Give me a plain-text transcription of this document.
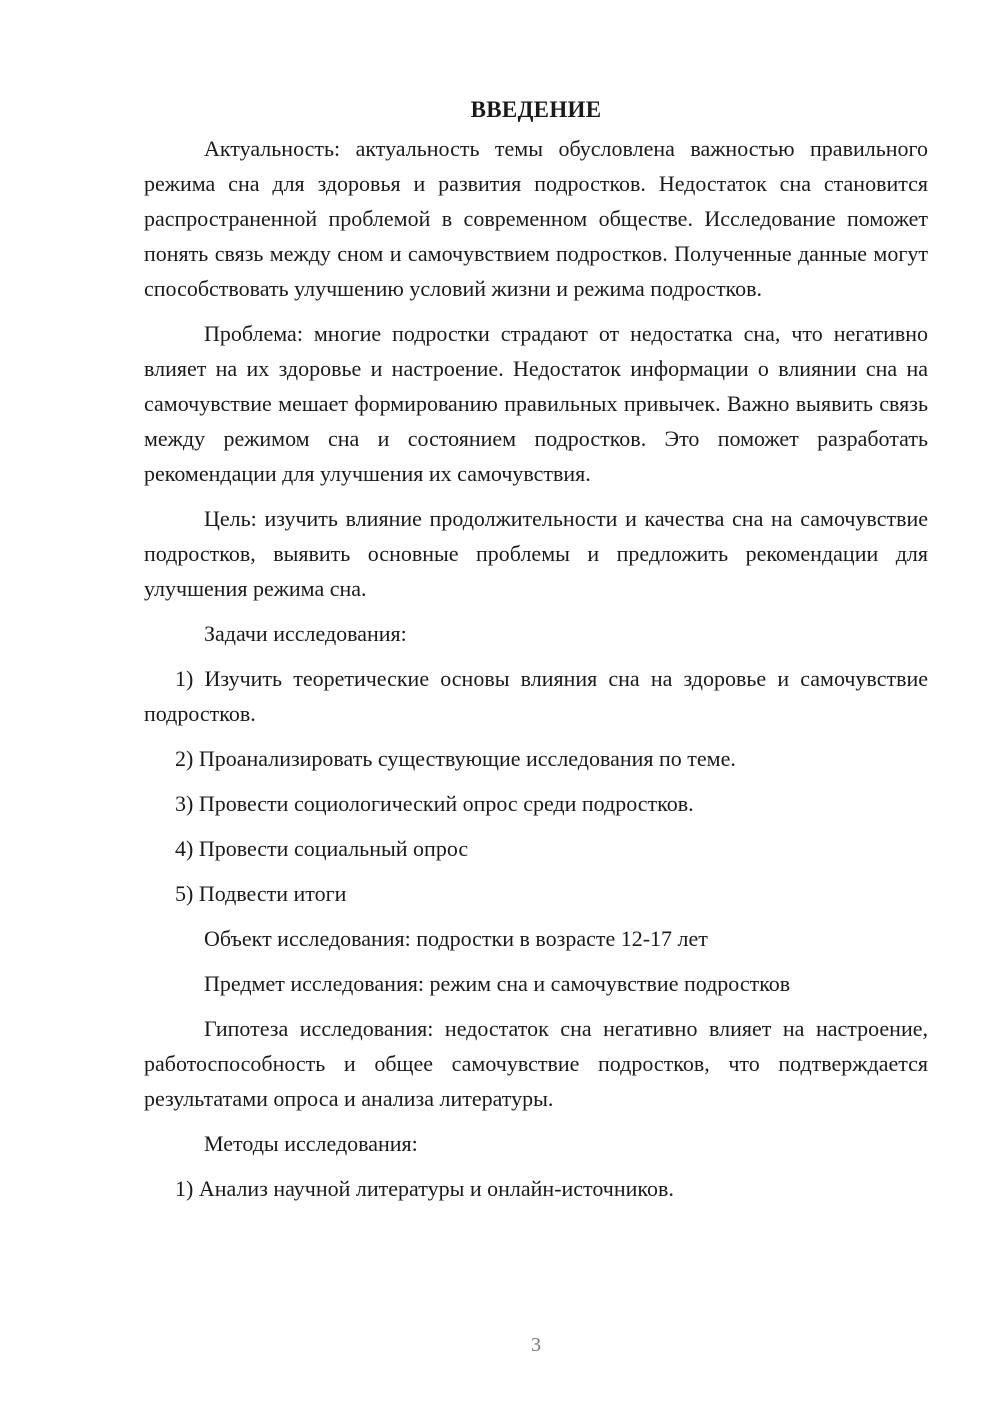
ВВЕДЕНИЕ
Актуальность: актуальность темы обусловлена важностью правильного режима сна для здоровья и развития подростков. Недостаток сна становится распространенной проблемой в современном обществе. Исследование поможет понять связь между сном и самочувствием подростков. Полученные данные могут способствовать улучшению условий жизни и режима подростков.
Проблема: многие подростки страдают от недостатка сна, что негативно влияет на их здоровье и настроение. Недостаток информации о влиянии сна на самочувствие мешает формированию правильных привычек. Важно выявить связь между режимом сна и состоянием подростков. Это поможет разработать рекомендации для улучшения их самочувствия.
Цель: изучить влияние продолжительности и качества сна на самочувствие подростков, выявить основные проблемы и предложить рекомендации для улучшения режима сна.
Задачи исследования:
1) Изучить теоретические основы влияния сна на здоровье и самочувствие подростков.
2) Проанализировать существующие исследования по теме.
3) Провести социологический опрос среди подростков.
4) Провести социальный опрос
5) Подвести итоги
Объект исследования: подростки в возрасте 12-17 лет
Предмет исследования: режим сна и самочувствие подростков
Гипотеза исследования: недостаток сна негативно влияет на настроение, работоспособность и общее самочувствие подростков, что подтверждается результатами опроса и анализа литературы.
Методы исследования:
1) Анализ научной литературы и онлайн-источников.
3
